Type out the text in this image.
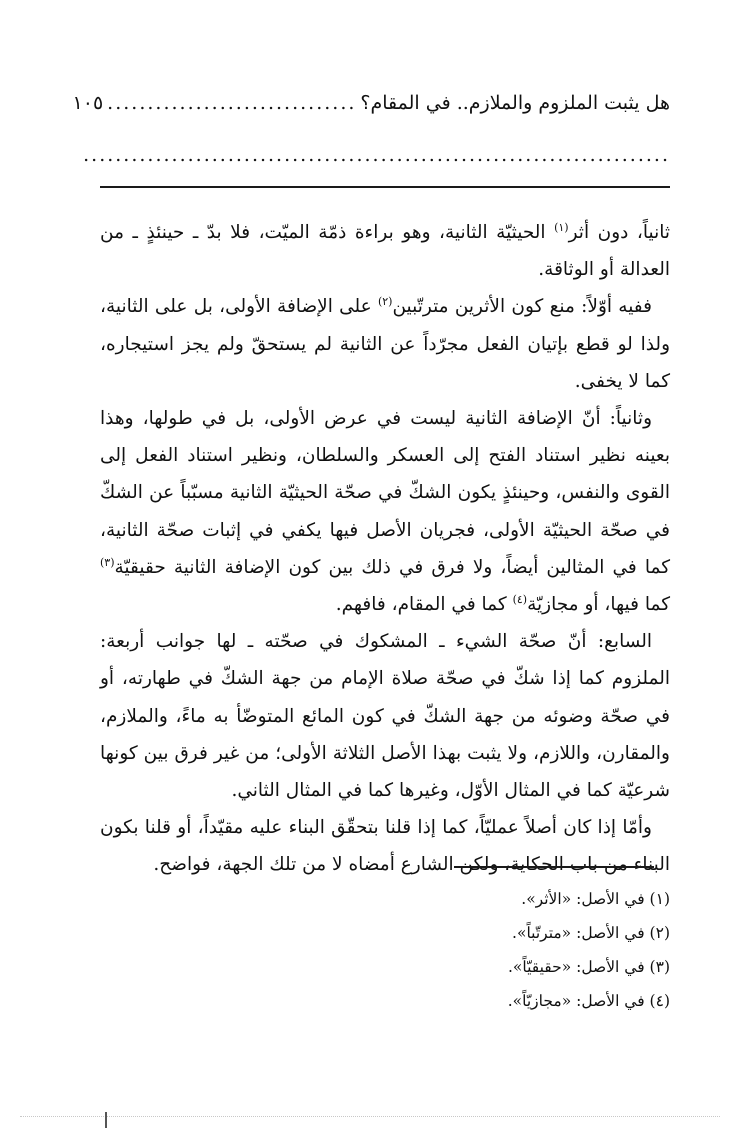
هل يثبت الملزوم والملازم.. في المقام؟
...............................
١٠٥
.........................................................................

ثانياً، دون أثر$^{(١)}$ الحيثيّة الثانية، وهو براءة ذمّة الميّت، فلا بدّ ـ حينئذٍ ـ من العدالة أو الوثاقة.

ففيه أوّلاً: منع كون الأثرين مترتّبين$^{(٢)}$ على الإضافة الأولى، بل على الثانية، ولذا لو قطع بإتيان الفعل مجرّداً عن الثانية لم يستحقّ ولم يجز استيجاره، كما لا يخفى.

وثانياً: أنّ الإضافة الثانية ليست في عرض الأولى، بل في طولها، وهذا بعينه نظير استناد الفتح إلى العسكر والسلطان، ونظير استناد الفعل إلى القوى والنفس، وحينئذٍ يكون الشكّ في صحّة الحيثيّة الثانية مسبّباً عن الشكّ في صحّة الحيثيّة الأولى، فجريان الأصل فيها يكفي في إثبات صحّة الثانية، كما في المثالين أيضاً، ولا فرق في ذلك بين كون الإضافة الثانية حقيقيّة$^{(٣)}$ كما فيها، أو مجازيّة$^{(٤)}$ كما في المقام، فافهم.

السابع: أنّ صحّة الشيء ـ المشكوك في صحّته ـ لها جوانب أربعة: الملزوم كما إذا شكّ في صحّة صلاة الإمام من جهة الشكّ في طهارته، أو في صحّة وضوئه من جهة الشكّ في كون المائع المتوضّأ به ماءً، والملازم، والمقارن، واللازم، ولا يثبت بهذا الأصل الثلاثة الأولى؛ من غير فرق بين كونها شرعيّة كما في المثال الأوّل، وغيرها كما في المثال الثاني.

وأمّا إذا كان أصلاً عمليّاً، كما إذا قلنا بتحقّق البناء عليه مقيّداً، أو قلنا بكون البناء من باب الحكاية، ولكن الشارع أمضاه لا من تلك الجهة، فواضح.

(١) في الأصل: «الأثر».
(٢) في الأصل: «مترتّباً».
(٣) في الأصل: «حقيقيّاً».
(٤) في الأصل: «مجازيّاً».
